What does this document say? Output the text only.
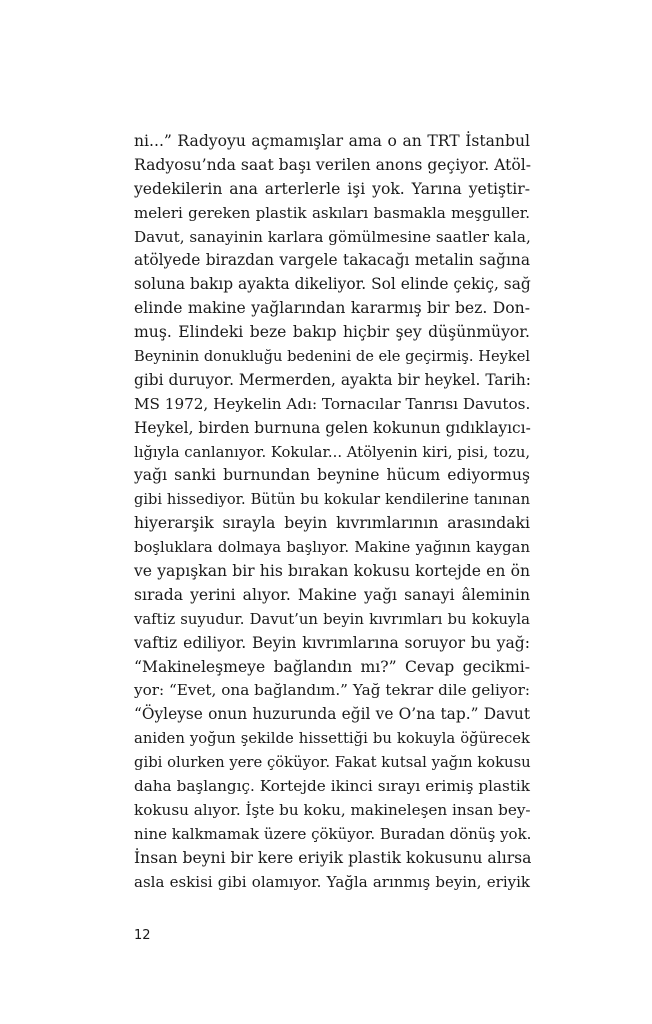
ni...” Radyoyu açmamışlar ama o an TRT İstanbul
Radyosu’nda saat başı verilen anons geçiyor. Atöl-
yedekilerin ana arterlerle işi yok. Yarına yetiştir-
meleri gereken plastik askıları basmakla meşguller.
Davut, sanayinin karlara gömülmesine saatler kala,
atölyede birazdan vargele takacağı metalin sağına
soluna bakıp ayakta dikeliyor. Sol elinde çekiç, sağ
elinde makine yağlarından kararmış bir bez. Don-
muş. Elindeki beze bakıp hiçbir şey düşünmüyor.
Beyninin donukluğu bedenini de ele geçirmiş. Heykel
gibi duruyor. Mermerden, ayakta bir heykel. Tarih:
MS 1972, Heykelin Adı: Tornacılar Tanrısı Davutos.
Heykel, birden burnuna gelen kokunun gıdıklayıcı-
lığıyla canlanıyor. Kokular... Atölyenin kiri, pisi, tozu,
yağı sanki burnundan beynine hücum ediyormuş
gibi hissediyor. Bütün bu kokular kendilerine tanınan
hiyerarşik sırayla beyin kıvrımlarının arasındaki
boşluklara dolmaya başlıyor. Makine yağının kaygan
ve yapışkan bir his bırakan kokusu kortejde en ön
sırada yerini alıyor. Makine yağı sanayi âleminin
vaftiz suyudur. Davut’un beyin kıvrımları bu kokuyla
vaftiz ediliyor. Beyin kıvrımlarına soruyor bu yağ:
“Makineleşmeye bağlandın mı?” Cevap gecikmi-
yor: “Evet, ona bağlandım.” Yağ tekrar dile geliyor:
“Öyleyse onun huzurunda eğil ve O’na tap.” Davut
aniden yoğun şekilde hissettiği bu kokuyla öğürecek
gibi olurken yere çöküyor. Fakat kutsal yağın kokusu
daha başlangıç. Kortejde ikinci sırayı erimiş plastik
kokusu alıyor. İşte bu koku, makineleşen insan bey-
nine kalkmamak üzere çöküyor. Buradan dönüş yok.
İnsan beyni bir kere eriyik plastik kokusunu alırsa
asla eskisi gibi olamıyor. Yağla arınmış beyin, eriyik
12
